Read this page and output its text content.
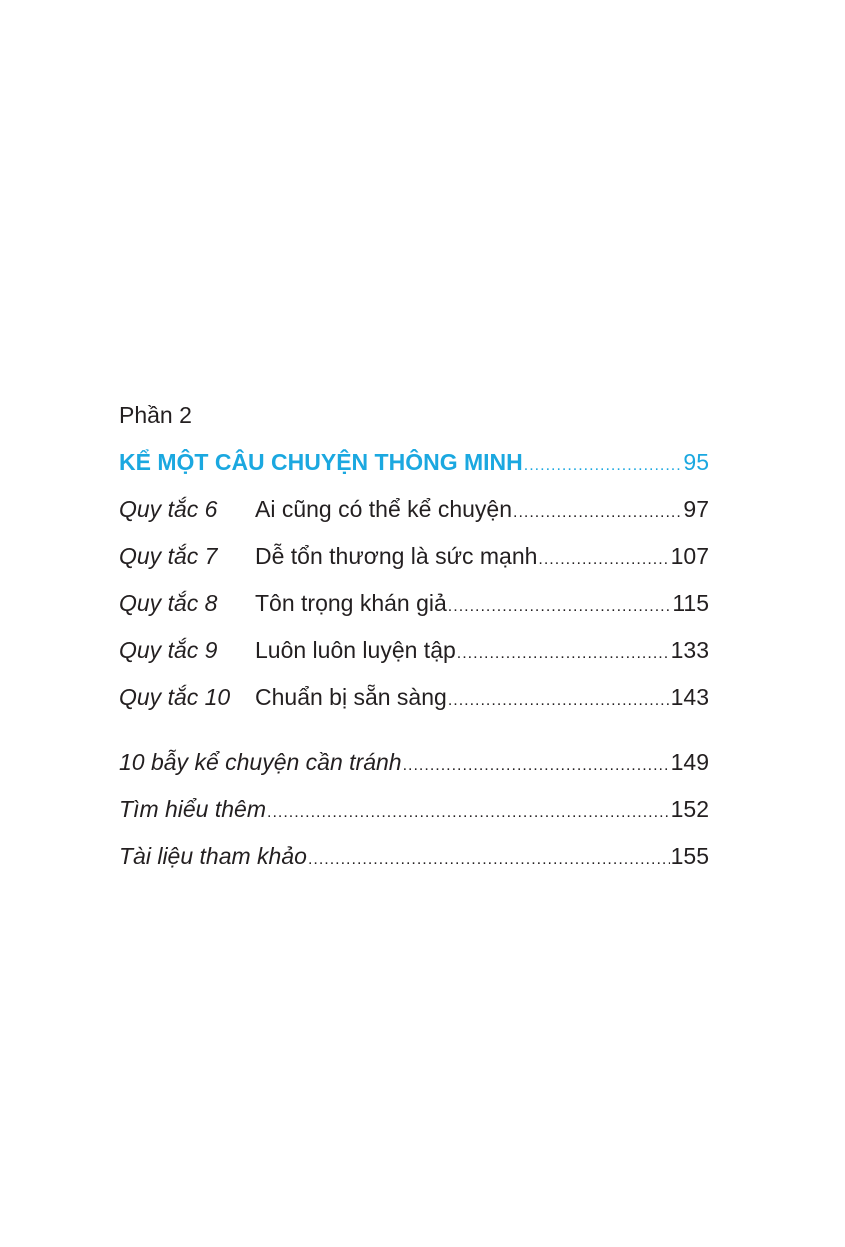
Phần 2
KỂ MỘT CÂU CHUYỆN THÔNG MINH .....	95
Quy tắc 6	Ai cũng có thể kể chuyện .....	97
Quy tắc 7	Dễ tổn thương là sức mạnh .....	107
Quy tắc 8	Tôn trọng khán giả .....	115
Quy tắc 9	Luôn luôn luyện tập .....	133
Quy tắc 10	Chuẩn bị sẵn sàng .....	143
10 bẫy kể chuyện cần tránh .....	149
Tìm hiểu thêm .....	152
Tài liệu tham khảo .....	155
